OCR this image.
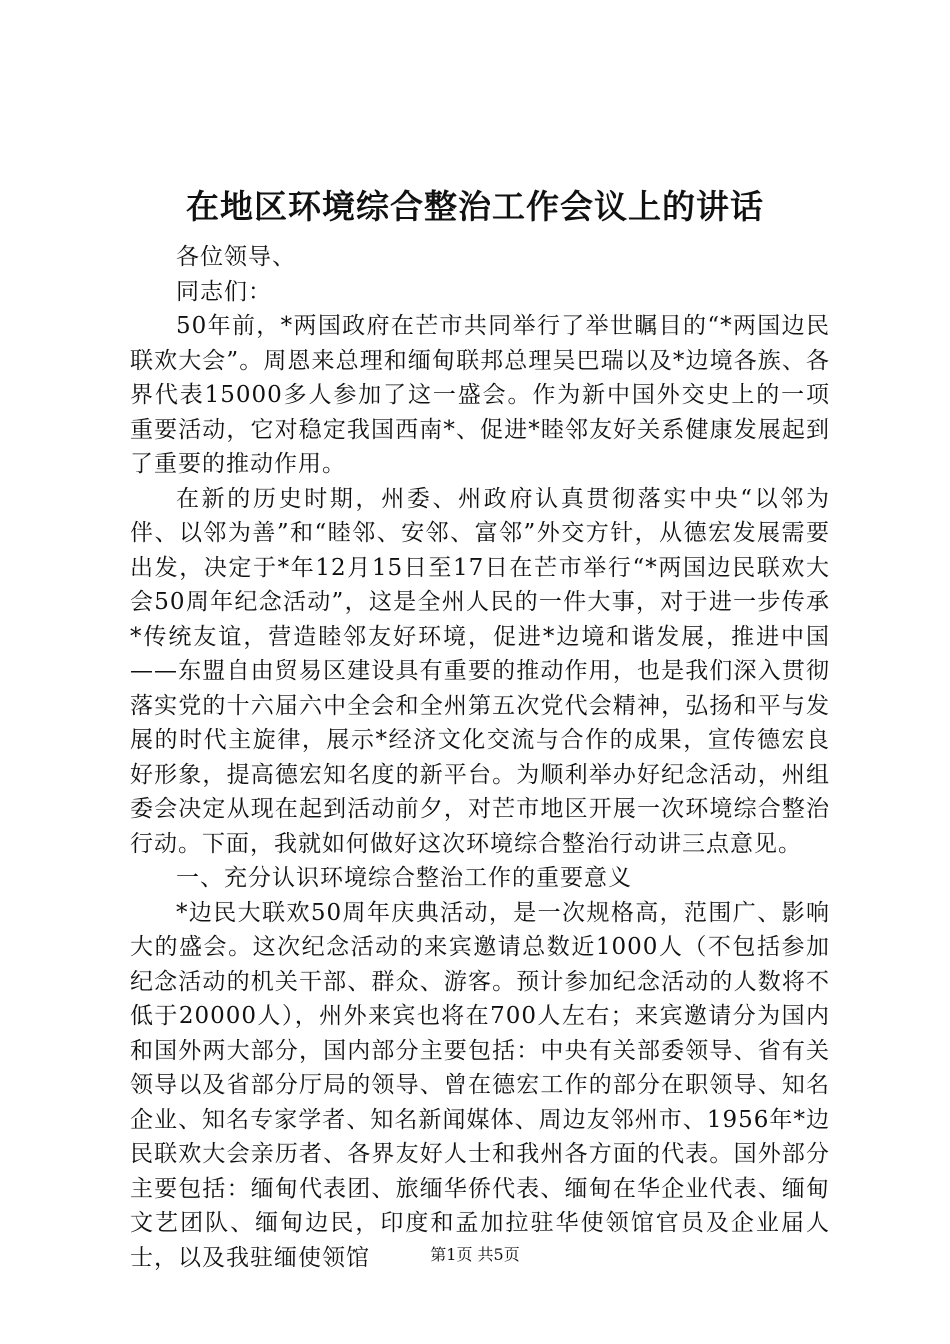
在地区环境综合整治工作会议上的讲话

各位领导、

同志们：

50年前，*两国政府在芒市共同举行了举世瞩目的“*两国边民联欢大会”。周恩来总理和缅甸联邦总理吴巴瑞以及*边境各族、各界代表15000多人参加了这一盛会。作为新中国外交史上的一项重要活动，它对稳定我国西南*、促进*睦邻友好关系健康发展起到了重要的推动作用。

在新的历史时期，州委、州政府认真贯彻落实中央“以邻为伴、以邻为善”和“睦邻、安邻、富邻”外交方针，从德宏发展需要出发，决定于*年12月15日至17日在芒市举行“*两国边民联欢大会50周年纪念活动”，这是全州人民的一件大事，对于进一步传承*传统友谊，营造睦邻友好环境，促进*边境和谐发展，推进中国——东盟自由贸易区建设具有重要的推动作用，也是我们深入贯彻落实党的十六届六中全会和全州第五次党代会精神，弘扬和平与发展的时代主旋律，展示*经济文化交流与合作的成果，宣传德宏良好形象，提高德宏知名度的新平台。为顺利举办好纪念活动，州组委会决定从现在起到活动前夕，对芒市地区开展一次环境综合整治行动。下面，我就如何做好这次环境综合整治行动讲三点意见。

一、充分认识环境综合整治工作的重要意义

*边民大联欢50周年庆典活动，是一次规格高，范围广、影响大的盛会。这次纪念活动的来宾邀请总数近1000人（不包括参加纪念活动的机关干部、群众、游客。预计参加纪念活动的人数将不低于20000人），州外来宾也将在700人左右；来宾邀请分为国内和国外两大部分，国内部分主要包括：中央有关部委领导、省有关领导以及省部分厅局的领导、曾在德宏工作的部分在职领导、知名企业、知名专家学者、知名新闻媒体、周边友邻州市、1956年*边民联欢大会亲历者、各界友好人士和我州各方面的代表。国外部分主要包括：缅甸代表团、旅缅华侨代表、缅甸在华企业代表、缅甸文艺团队、缅甸边民，印度和孟加拉驻华使领馆官员及企业届人士，以及我驻缅使领馆	第1页 共5页
